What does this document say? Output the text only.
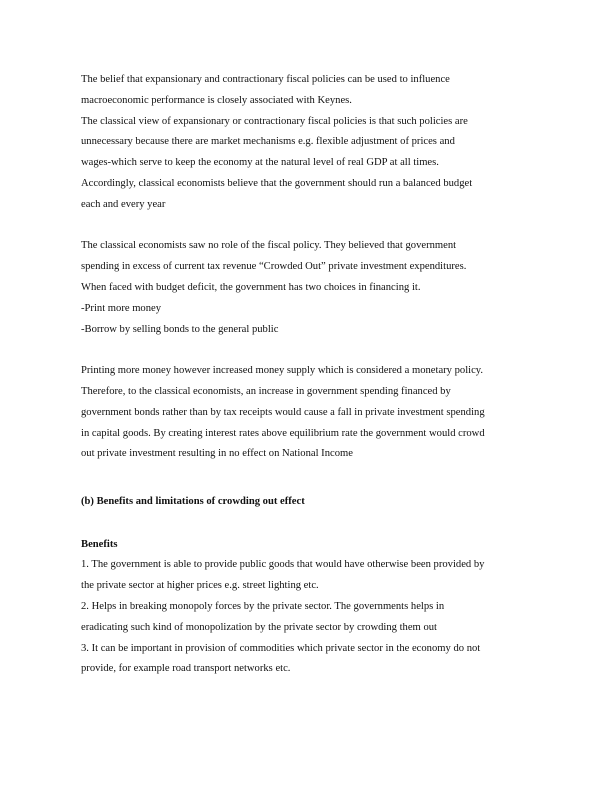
The belief that expansionary and contractionary fiscal policies can be used to influence
macroeconomic performance is closely associated with Keynes.
The classical view of expansionary or contractionary fiscal policies is that such policies are
unnecessary because there are market mechanisms e.g. flexible adjustment of prices and
wages-which serve to keep the economy at the natural level of real GDP at all times.
Accordingly, classical economists believe that the government should run a balanced budget
each and every year
The classical economists saw no role of the fiscal policy. They believed that government
spending in excess of current tax revenue “Crowded Out” private investment expenditures.
When faced with budget deficit, the government has two choices in financing it.
-Print more money
-Borrow by selling bonds to the general public
Printing more money however increased money supply which is considered a monetary policy.
Therefore, to the classical economists, an increase in government spending financed by
government bonds rather than by tax receipts would cause a fall in private investment spending
in capital goods. By creating interest rates above equilibrium rate the government would crowd
out private investment resulting in no effect on National Income
(b) Benefits and limitations of crowding out effect
Benefits
1. The government is able to provide public goods that would have otherwise been provided by
the private sector at higher prices e.g. street lighting etc.
2. Helps in breaking monopoly forces by the private sector. The governments helps in
eradicating such kind of monopolization by the private sector by crowding them out
3. It can be important in provision of commodities which private sector in the economy do not
provide, for example road transport networks etc.
